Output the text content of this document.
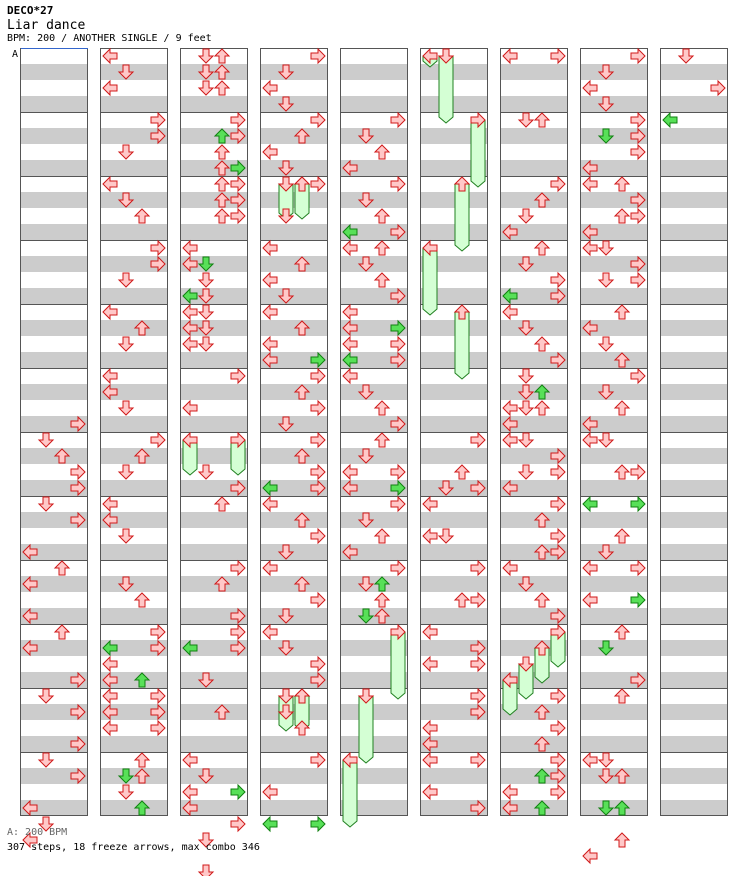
DECO*27
Liar dance
BPM: 200 / ANOTHER SINGLE / 9 feet
A
A: 200 BPM
307 steps, 18 freeze arrows, max combo 346
